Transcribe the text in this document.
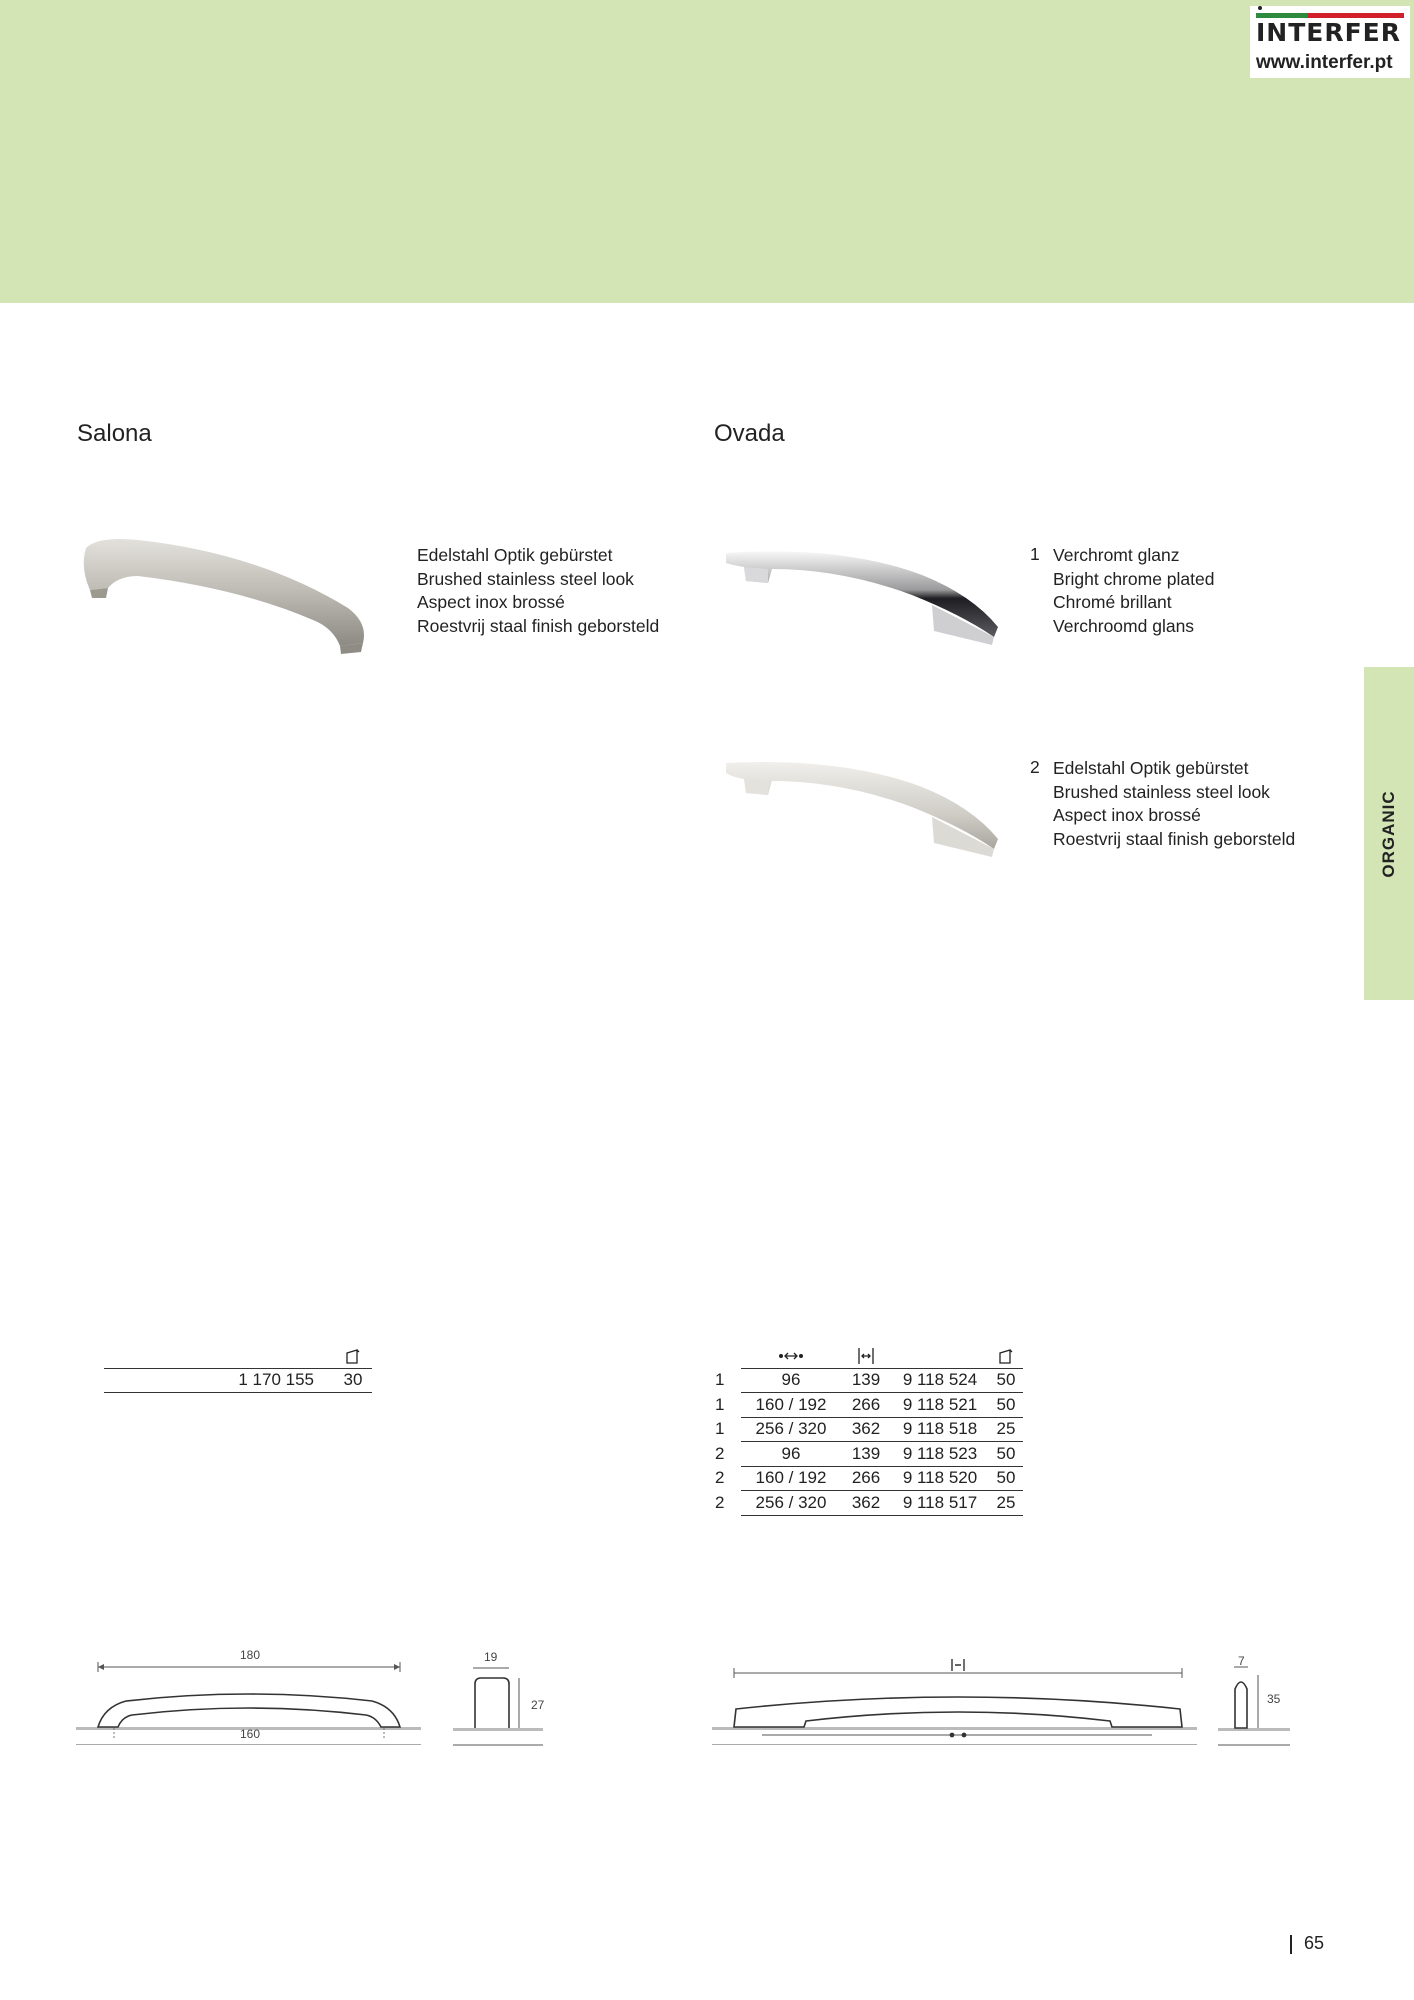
INTERFER
www.interfer.pt
ORGANIC
Salona
Edelstahl Optik gebürstet
Brushed stainless steel look
Aspect inox brossé
Roestvrij staal finish geborsteld

1 170 155	30
Ovada
1 Verchromt glanz
Bright chrome plated
Chromé brillant
Verchroomd glans
2 Edelstahl Optik gebürstet
Brushed stainless steel look
Aspect inox brossé
Roestvrij staal finish geborsteld

1	96	139	9 118 524	50
1	160 / 192	266	9 118 521	50
1	256 / 320	362	9 118 518	25
2	96	139	9 118 523	50
2	160 / 192	266	9 118 520	50
2	256 / 320	362	9 118 517	25
180
160
19
27
7
35
65
